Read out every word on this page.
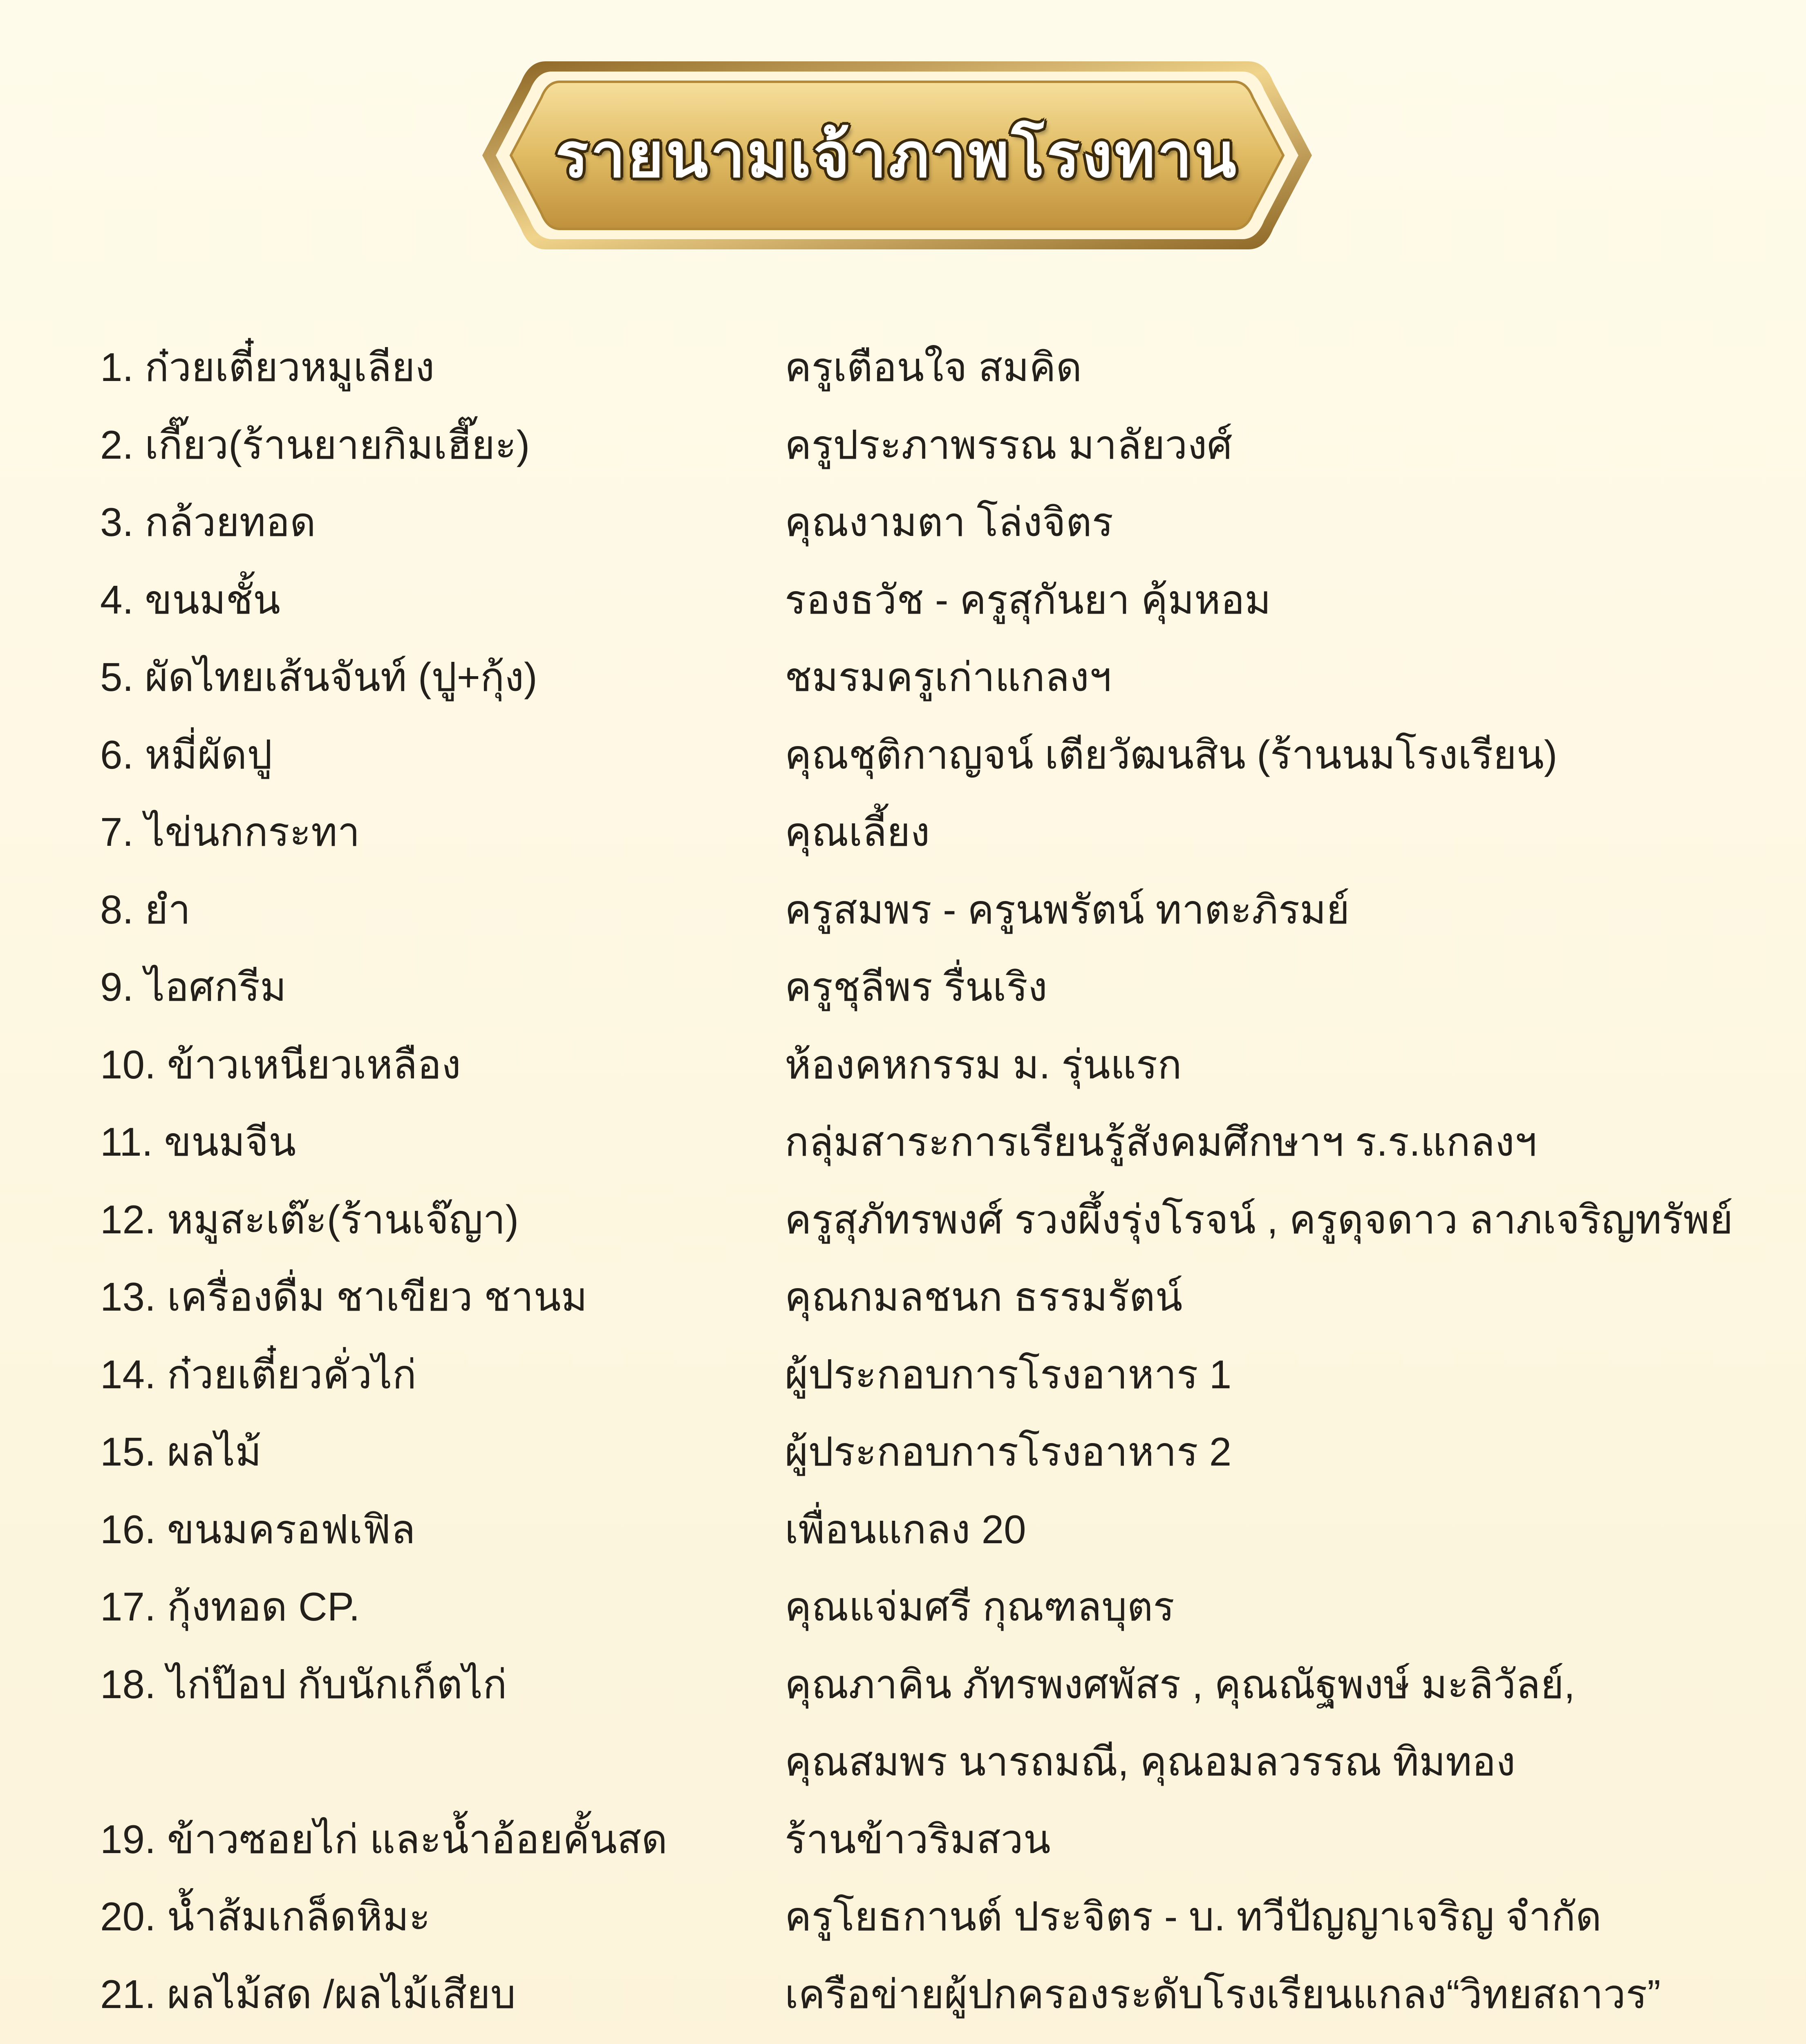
รายนามเจ้าภาพโรงทาน
1. ก๋วยเตี๋ยวหมูเลียง	ครูเตือนใจ สมคิด
2. เกี๊ยว(ร้านยายกิมเฮี๊ยะ)	ครูประภาพรรณ มาลัยวงศ์
3. กล้วยทอด	คุณงามตา โล่งจิตร
4. ขนมชั้น	รองธวัช - ครูสุกันยา คุ้มหอม
5. ผัดไทยเส้นจันท์ (ปู+กุ้ง)	ชมรมครูเก่าแกลงฯ
6. หมี่ผัดปู	คุณชุติกาญจน์ เตียวัฒนสิน (ร้านนมโรงเรียน)
7. ไข่นกกระทา	คุณเลี้ยง
8. ยำ	ครูสมพร - ครูนพรัตน์ ทาตะภิรมย์
9. ไอศกรีม	ครูชุลีพร รื่นเริง
10. ข้าวเหนียวเหลือง	ห้องคหกรรม ม. รุ่นแรก
11. ขนมจีน	กลุ่มสาระการเรียนรู้สังคมศึกษาฯ ร.ร.แกลงฯ
12. หมูสะเต๊ะ(ร้านเจ๊ญา)	ครูสุภัทรพงศ์ รวงผึ้งรุ่งโรจน์ , ครูดุจดาว ลาภเจริญทรัพย์
13. เครื่องดื่ม ชาเขียว ชานม	คุณกมลชนก ธรรมรัตน์
14. ก๋วยเตี๋ยวคั่วไก่	ผู้ประกอบการโรงอาหาร 1
15. ผลไม้	ผู้ประกอบการโรงอาหาร 2
16. ขนมครอฟเฟิล	เพื่อนแกลง 20
17. กุ้งทอด CP.	คุณแจ่มศรี กุณฑลบุตร
18. ไก่ป๊อป กับนักเก็ตไก่	คุณภาคิน ภัทรพงศพัสร , คุณณัฐพงษ์ มะลิวัลย์,
คุณสมพร นารถมณี, คุณอมลวรรณ ทิมทอง
19. ข้าวซอยไก่ และน้ำอ้อยคั้นสด	ร้านข้าวริมสวน
20. น้ำส้มเกล็ดหิมะ	ครูโยธกานต์ ประจิตร - บ. ทวีปัญญาเจริญ จำกัด
21. ผลไม้สด /ผลไม้เสียบ	เครือข่ายผู้ปกครองระดับโรงเรียนแกลง“วิทยสถาวร”
